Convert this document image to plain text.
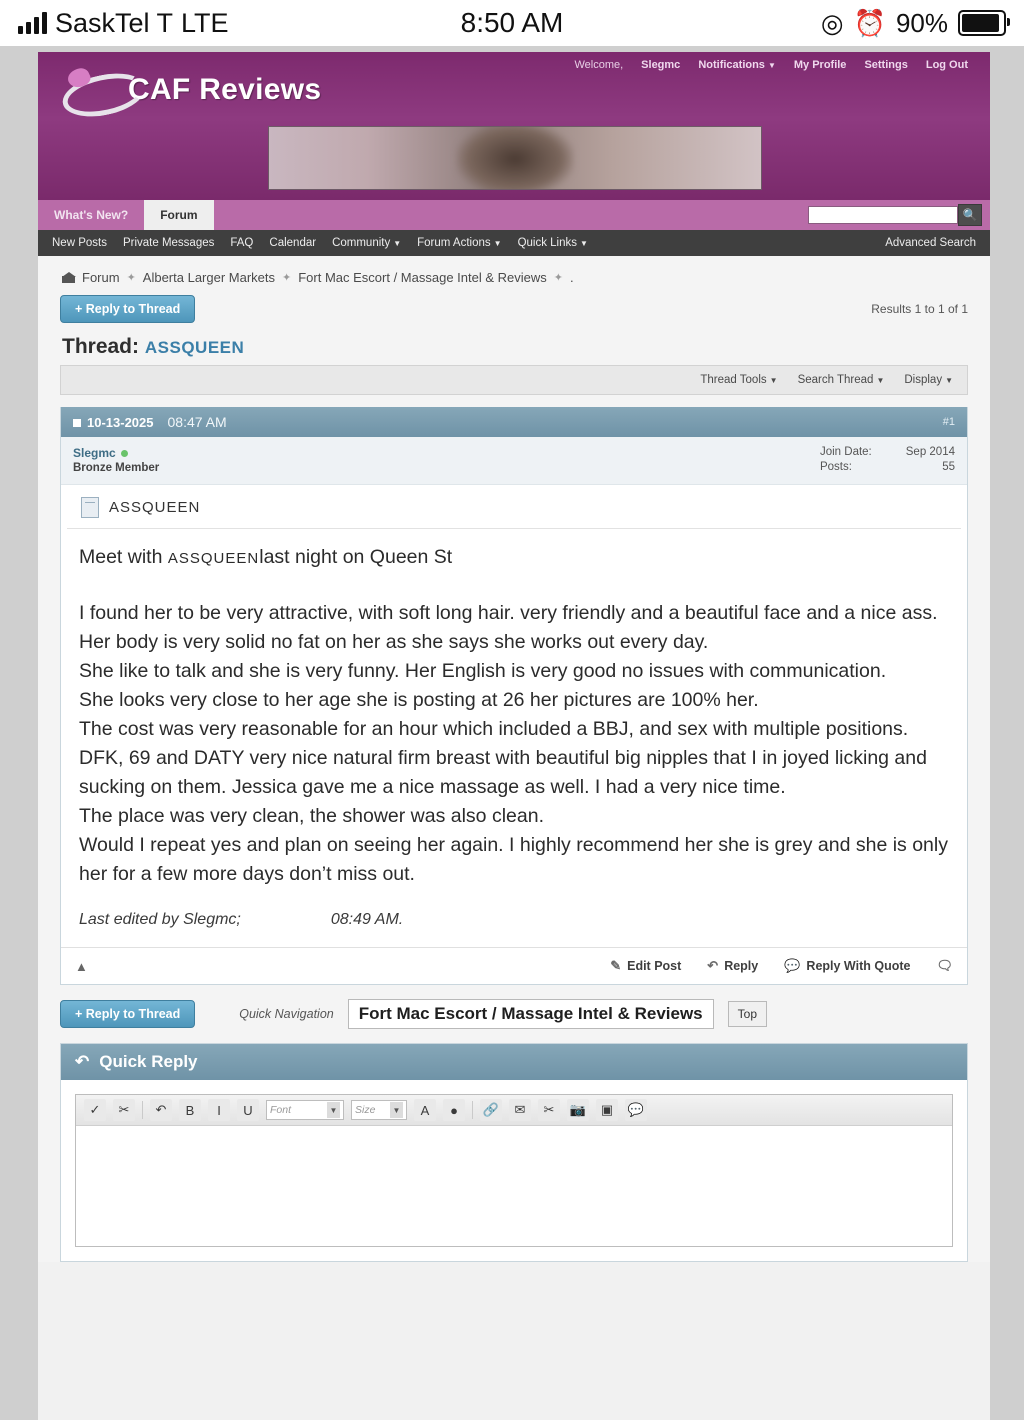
SaskTel T LTE	8:50 AM	◎ ⏰ 90%
Welcome, Slegmc Notifications ▼ My Profile Settings Log Out
CAF Reviews
What's New?	Forum	🔍
New Posts Private Messages FAQ Calendar Community ▼ Forum Actions ▼ Quick Links ▼	Advanced Search
Forum ✦ Alberta Larger Markets ✦ Fort Mac Escort / Massage Intel & Reviews ✦ .
+ Reply to Thread	Results 1 to 1 of 1
Thread: ASSQUEEN
Thread Tools ▼ Search Thread ▼ Display ▼
10-13-2025 08:47 AM	#1
Slegmc
Bronze Member
Join Date:	Sep 2014
Posts:	55
ASSQUEEN

Meet with ASSQUEENlast night on Queen St

I found her to be very attractive, with soft long hair. very friendly and a beautiful face and a nice ass.
Her body is very solid no fat on her as she says she works out every day.
She like to talk and she is very funny. Her English is very good no issues with communication.
She looks very close to her age she is posting at 26 her pictures are 100% her.
The cost was very reasonable for an hour which included a BBJ, and sex with multiple positions.
DFK, 69 and DATY very nice natural firm breast with beautiful big nipples that I in joyed licking and sucking on them. Jessica gave me a nice massage as well. I had a very nice time.
The place was very clean, the shower was also clean.
Would I repeat yes and plan on seeing her again. I highly recommend her she is grey and she is only her for a few more days don’t miss out.
Last edited by Slegmc;	08:49 AM.
▲	✎ Edit Post ↶ Reply 💬 Reply With Quote 🗨
+ Reply to Thread	Quick Navigation	Fort Mac Escort / Massage Intel & Reviews	Top
↶ Quick Reply
✓	✂	↶	B	I	U	Font	▼ Size	▼ A	●	🔗	✉	✂	📷	▣	💬
